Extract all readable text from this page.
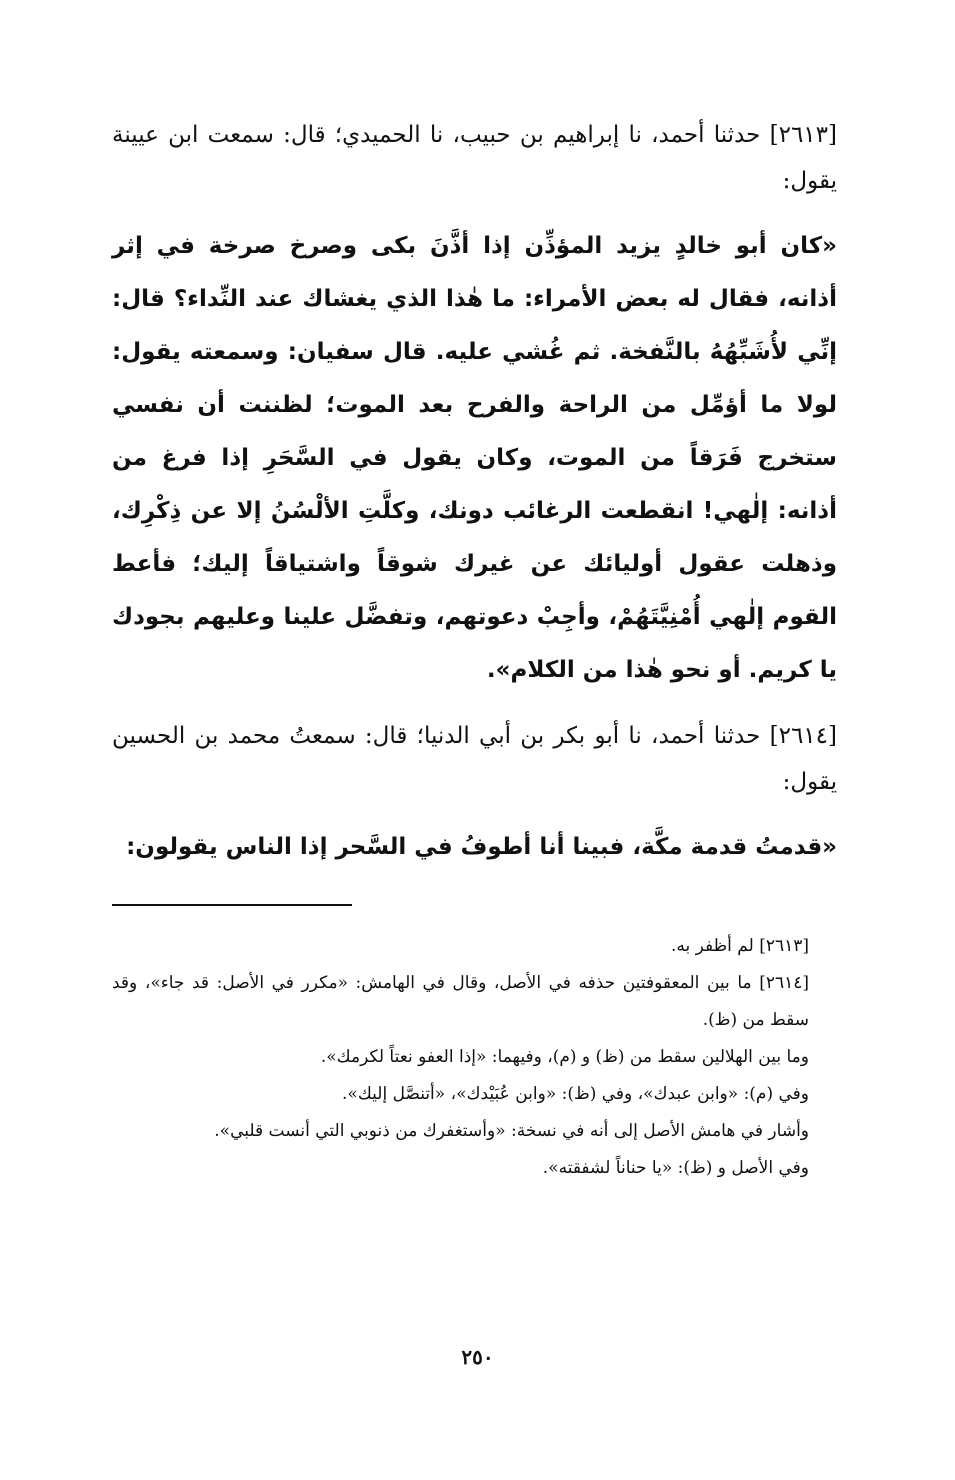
[٢٦١٣] حدثنا أحمد، نا إبراهيم بن حبيب، نا الحميدي؛ قال: سمعت ابن عيينة يقول:

«كان أبو خالدٍ يزيد المؤذِّن إذا أذَّنَ بكى وصرخ صرخة في إثر أذانه، فقال له بعض الأمراء: ما هٰذا الذي يغشاك عند النِّداء؟ قال: إنِّي لأُشَبِّهُهُ بالنَّفخة. ثم غُشي عليه. قال سفيان: وسمعته يقول: لولا ما أؤمِّل من الراحة والفرح بعد الموت؛ لظننت أن نفسي ستخرج فَرَقاً من الموت، وكان يقول في السَّحَرِ إذا فرغ من أذانه: إلٰهي! انقطعت الرغائب دونك، وكلَّتِ الألْسُنُ إلا عن ذِكْرِك، وذهلت عقول أوليائك عن غيرك شوقاً واشتياقاً إليك؛ فأعط القوم إلٰهي أُمْنِيَّتَهُمْ، وأجِبْ دعوتهم، وتفضَّل علينا وعليهم بجودك يا كريم. أو نحو هٰذا من الكلام».

[٢٦١٤] حدثنا أحمد، نا أبو بكر بن أبي الدنيا؛ قال: سمعتُ محمد بن الحسين يقول:

«قدمتُ قدمة مكَّة، فبينا أنا أطوفُ في السَّحر إذا الناس يقولون:

[٢٦١٣] لم أظفر به.

[٢٦١٤] ما بين المعقوفتين حذفه في الأصل، وقال في الهامش: «مكرر في الأصل: قد جاء»، وقد سقط من (ظ).

وما بين الهلالين سقط من (ظ) و (م)، وفيهما: «إذا العفو نعتاً لكرمك».

وفي (م): «وابن عبدك»، وفي (ظ): «وابن عُبَيْدك»، «أتنصَّل إليك».

وأشار في هامش الأصل إلى أنه في نسخة: «وأستغفرك من ذنوبي التي أنست قلبي».

وفي الأصل و (ظ): «يا حناناً لشفقته».

٢٥٠
